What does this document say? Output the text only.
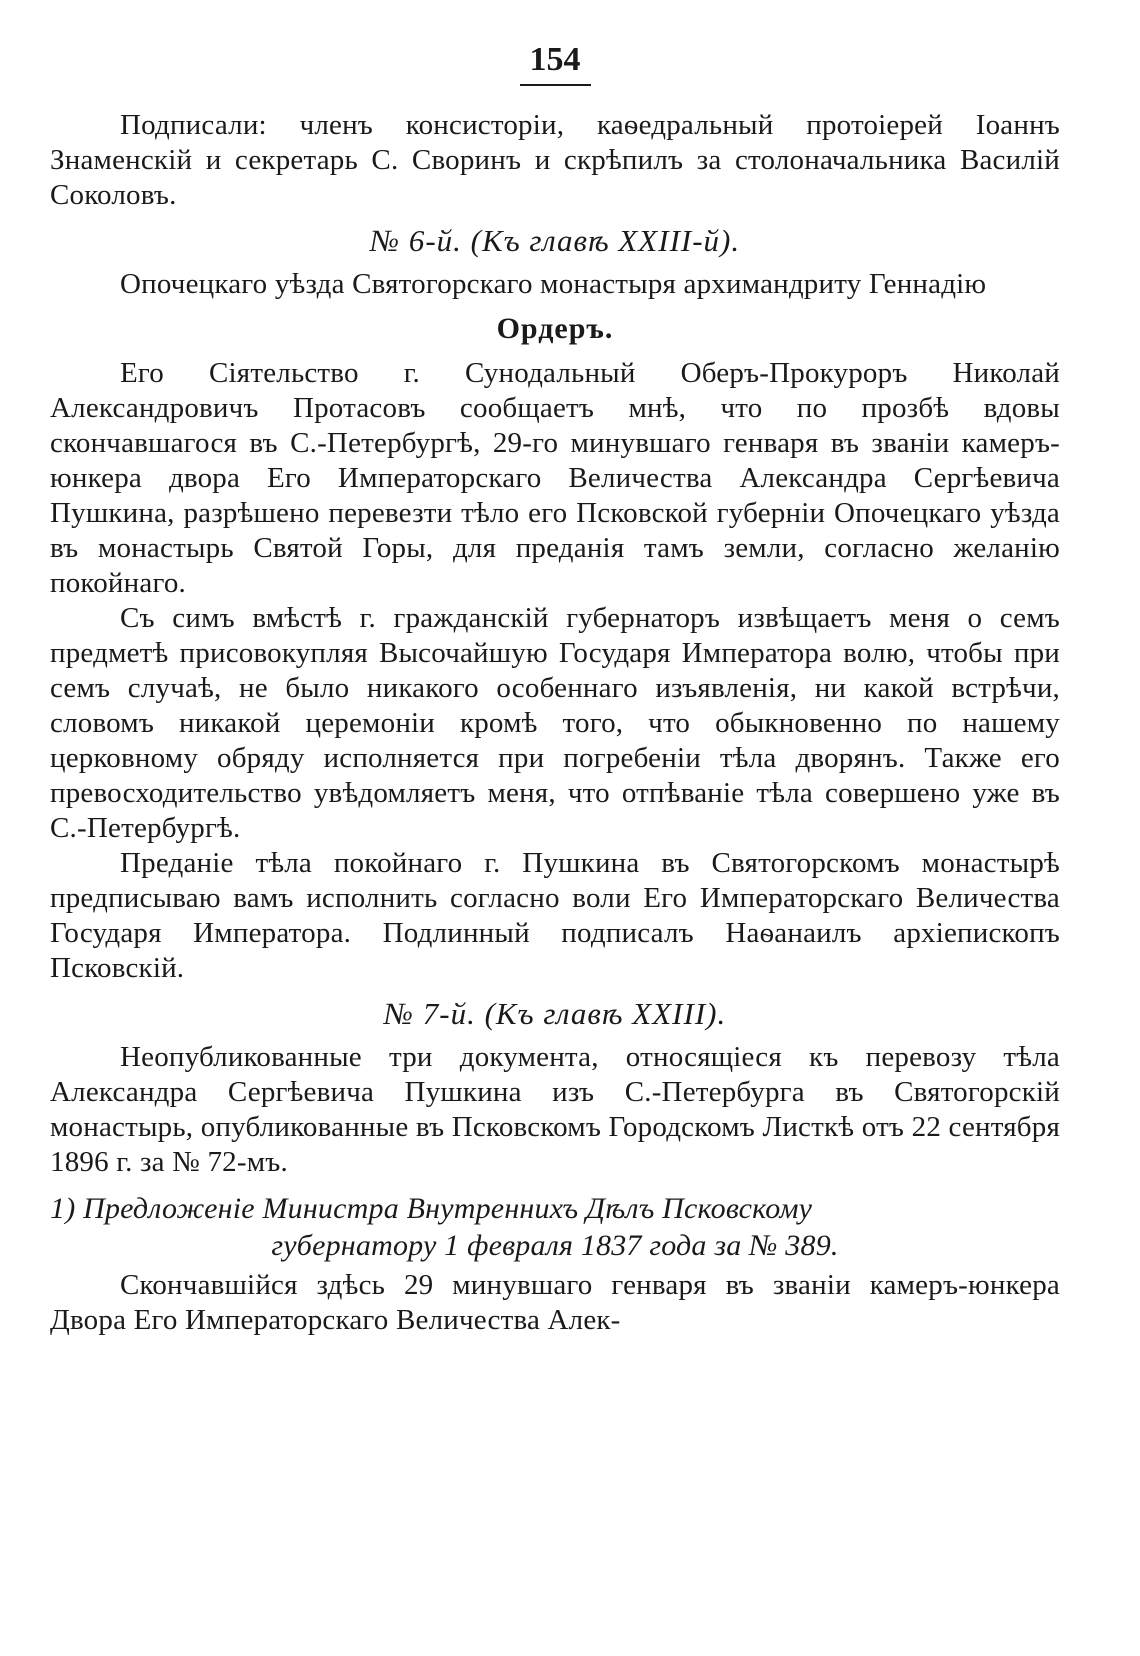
154

Подписали: членъ консисторіи, каѳедральный протоіерей Іоаннъ Знаменскій и секретарь С. Своринъ и скрѣпилъ за столоначальника Василій Соколовъ.

№ 6-й. (Къ главѣ XXIII-й).

Опочецкаго уѣзда Святогорскаго монастыря архимандриту Геннадію

Ордеръ.

Его Сіятельство г. Сунодальный Оберъ-Прокуроръ Николай Александровичъ Протасовъ сообщаетъ мнѣ, что по прозбѣ вдовы скончавшагося въ С.-Петербургѣ, 29-го минувшаго генваря въ званіи камеръ-юнкера двора Его Императорскаго Величества Александра Сергѣевича Пушкина, разрѣшено перевезти тѣло его Псковской губерніи Опочецкаго уѣзда въ монастырь Святой Горы, для преданія тамъ земли, согласно желанію покойнаго.

Съ симъ вмѣстѣ г. гражданскій губернаторъ извѣщаетъ меня о семъ предметѣ присовокупляя Высочайшую Государя Императора волю, чтобы при семъ случаѣ, не было никакого особеннаго изъявленія, ни какой встрѣчи, словомъ никакой церемоніи кромѣ того, что обыкновенно по нашему церковному обряду исполняется при погребеніи тѣла дворянъ. Также его превосходительство увѣдомляетъ меня, что отпѣваніе тѣла совершено уже въ С.-Петербургѣ.

Преданіе тѣла покойнаго г. Пушкина въ Святогорскомъ монастырѣ предписываю вамъ исполнить согласно воли Его Императорскаго Величества Государя Императора. Подлинный подписалъ Наѳанаилъ архіепископъ Псковскій.

№ 7-й. (Къ главѣ XXIII).

Неопубликованные три документа, относящіеся къ перевозу тѣла Александра Сергѣевича Пушкина изъ С.-Петербурга въ Святогорскій монастырь, опубликованные въ Псковскомъ Городскомъ Листкѣ отъ 22 сентября 1896 г. за № 72-мъ.

1) Предложеніе Министра Внутреннихъ Дѣлъ Псковскому
губернатору 1 февраля 1837 года за № 389.

Скончавшійся здѣсь 29 минувшаго генваря въ званіи камеръ-юнкера Двора Его Императорскаго Величества Алек-
